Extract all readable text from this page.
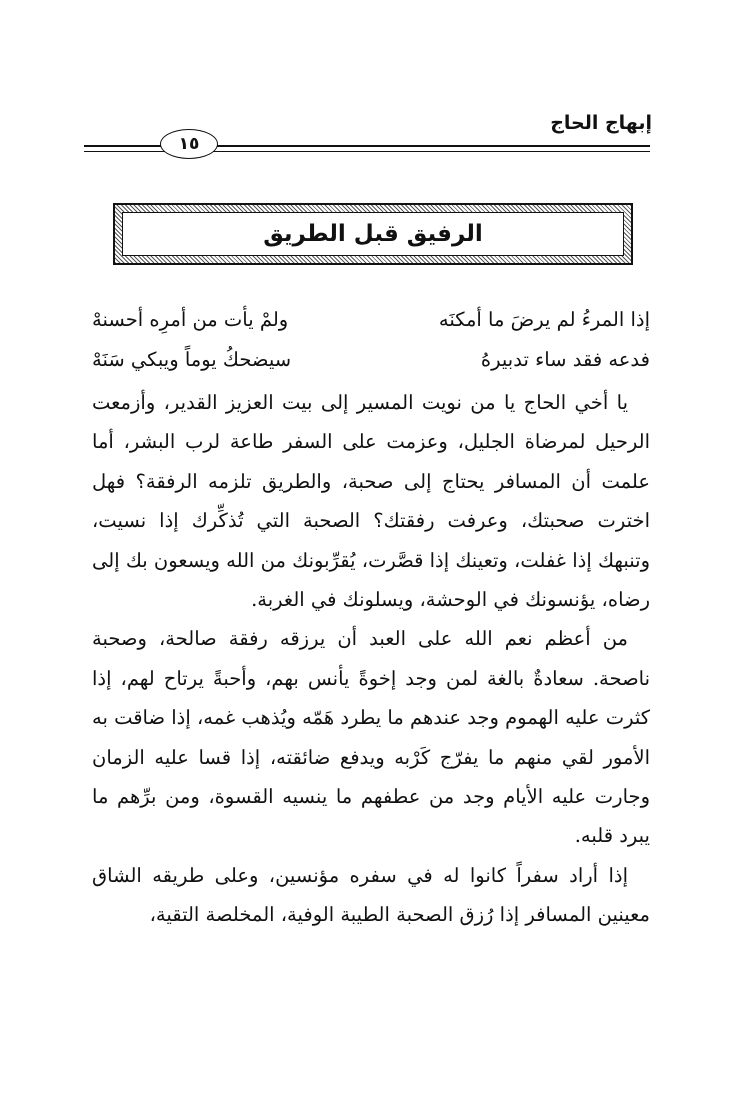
إبهاج الحاج
١٥
الرفيق قبل الطريق
إذا المرءُ لم يرضَ ما أمكنَه
ولمْ يأت من أمرِه أحسنهْ
فدعه فقد ساء تدبيرهُ
سيضحكُ يوماً ويبكي سَنَهْ

يا أخي الحاج يا من نويت المسير إلى بيت العزيز القدير، وأزمعت الرحيل لمرضاة الجليل، وعزمت على السفر طاعة لرب البشر، أما علمت أن المسافر يحتاج إلى صحبة، والطريق تلزمه الرفقة؟ فهل اخترت صحبتك، وعرفت رفقتك؟ الصحبة التي تُذكِّرك إذا نسيت، وتنبهك إذا غفلت، وتعينك إذا قصَّرت، يُقرِّبونك من الله ويسعون بك إلى رضاه، يؤنسونك في الوحشة، ويسلونك في الغربة.

من أعظم نعم الله على العبد أن يرزقه رفقة صالحة، وصحبة ناصحة. سعادةٌ بالغة لمن وجد إخوةً يأنس بهم، وأحبةً يرتاح لهم، إذا كثرت عليه الهموم وجد عندهم ما يطرد هَمّه ويُذهب غمه، إذا ضاقت به الأمور لقي منهم ما يفرّج كَرْبه ويدفع ضائقته، إذا قسا عليه الزمان وجارت عليه الأيام وجد من عطفهم ما ينسيه القسوة، ومن برِّهم ما يبرد قلبه.

إذا أراد سفراً كانوا له في سفره مؤنسين، وعلى طريقه الشاق معينين المسافر إذا رُزق الصحبة الطيبة الوفية، المخلصة التقية،
